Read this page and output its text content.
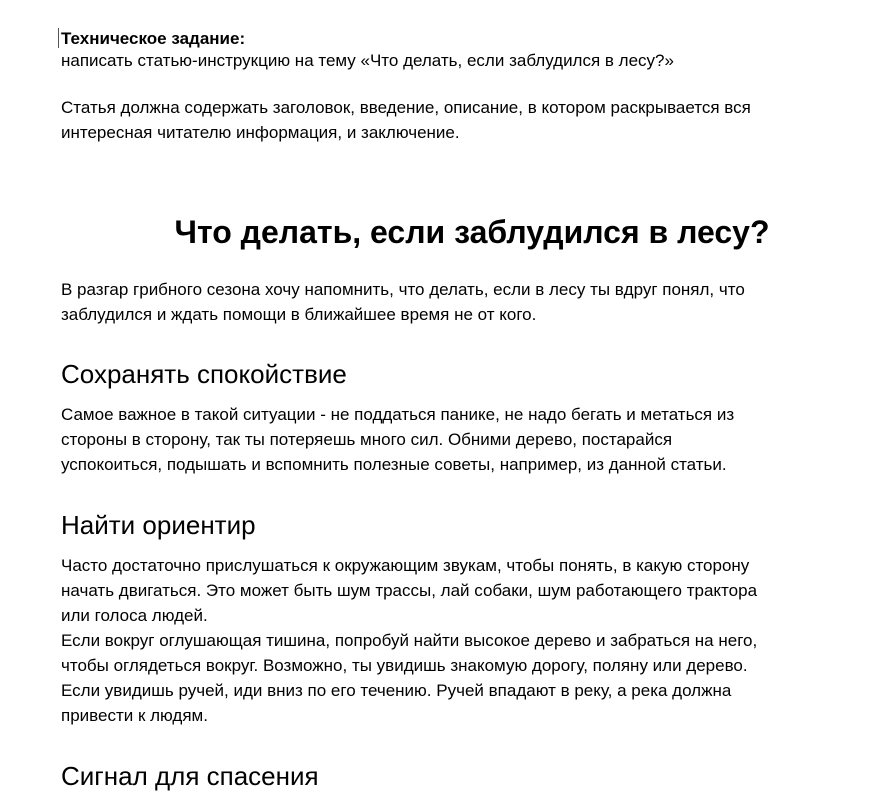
Техническое задание:

написать статью-инструкцию на тему «Что делать, если заблудился в лесу?»

Статья должна содержать заголовок, введение, описание, в котором раскрывается вся

интересная читателю информация, и заключение.

Что делать, если заблудился в лесу?

В разгар грибного сезона хочу напомнить, что делать, если в лесу ты вдруг понял, что

заблудился и ждать помощи в ближайшее время не от кого.

Сохранять спокойствие

Самое важное в такой ситуации - не поддаться панике, не надо бегать и метаться из

стороны в сторону, так ты потеряешь много сил. Обними дерево, постарайся

успокоиться, подышать и вспомнить полезные советы, например, из данной статьи.

Найти ориентир

Часто достаточно прислушаться к окружающим звукам, чтобы понять, в какую сторону

начать двигаться. Это может быть шум трассы, лай собаки, шум работающего трактора

или голоса людей.

Если вокруг оглушающая тишина, попробуй найти высокое дерево и забраться на него,

чтобы оглядеться вокруг. Возможно, ты увидишь знакомую дорогу, поляну или дерево.

Если увидишь ручей, иди вниз по его течению. Ручей впадают в реку, а река должна

привести к людям.

Сигнал для спасения
